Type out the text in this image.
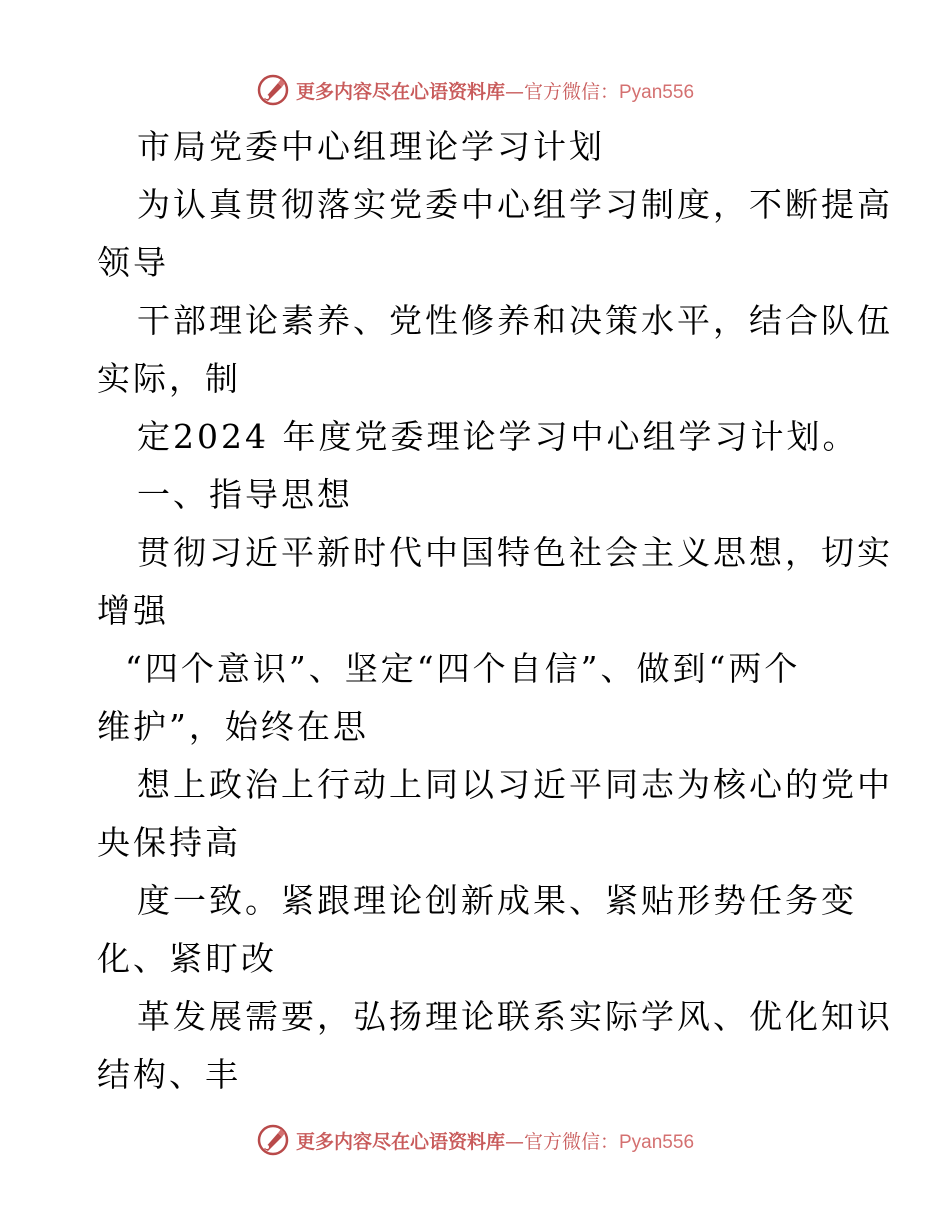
更多内容尽在心语资料库—官方微信：Pyan556
市局党委中心组理论学习计划
为认真贯彻落实党委中心组学习制度，不断提高
领导
干部理论素养、党性修养和决策水平，结合队伍
实际，制
定2024 年度党委理论学习中心组学习计划。
一、指导思想
贯彻习近平新时代中国特色社会主义思想，切实
增强
“四个意识”、坚定“四个自信”、做到“两个
维护”，始终在思
想上政治上行动上同以习近平同志为核心的党中
央保持高
度一致。紧跟理论创新成果、紧贴形势任务变
化、紧盯改
革发展需要，弘扬理论联系实际学风、优化知识
结构、丰
更多内容尽在心语资料库—官方微信：Pyan556
